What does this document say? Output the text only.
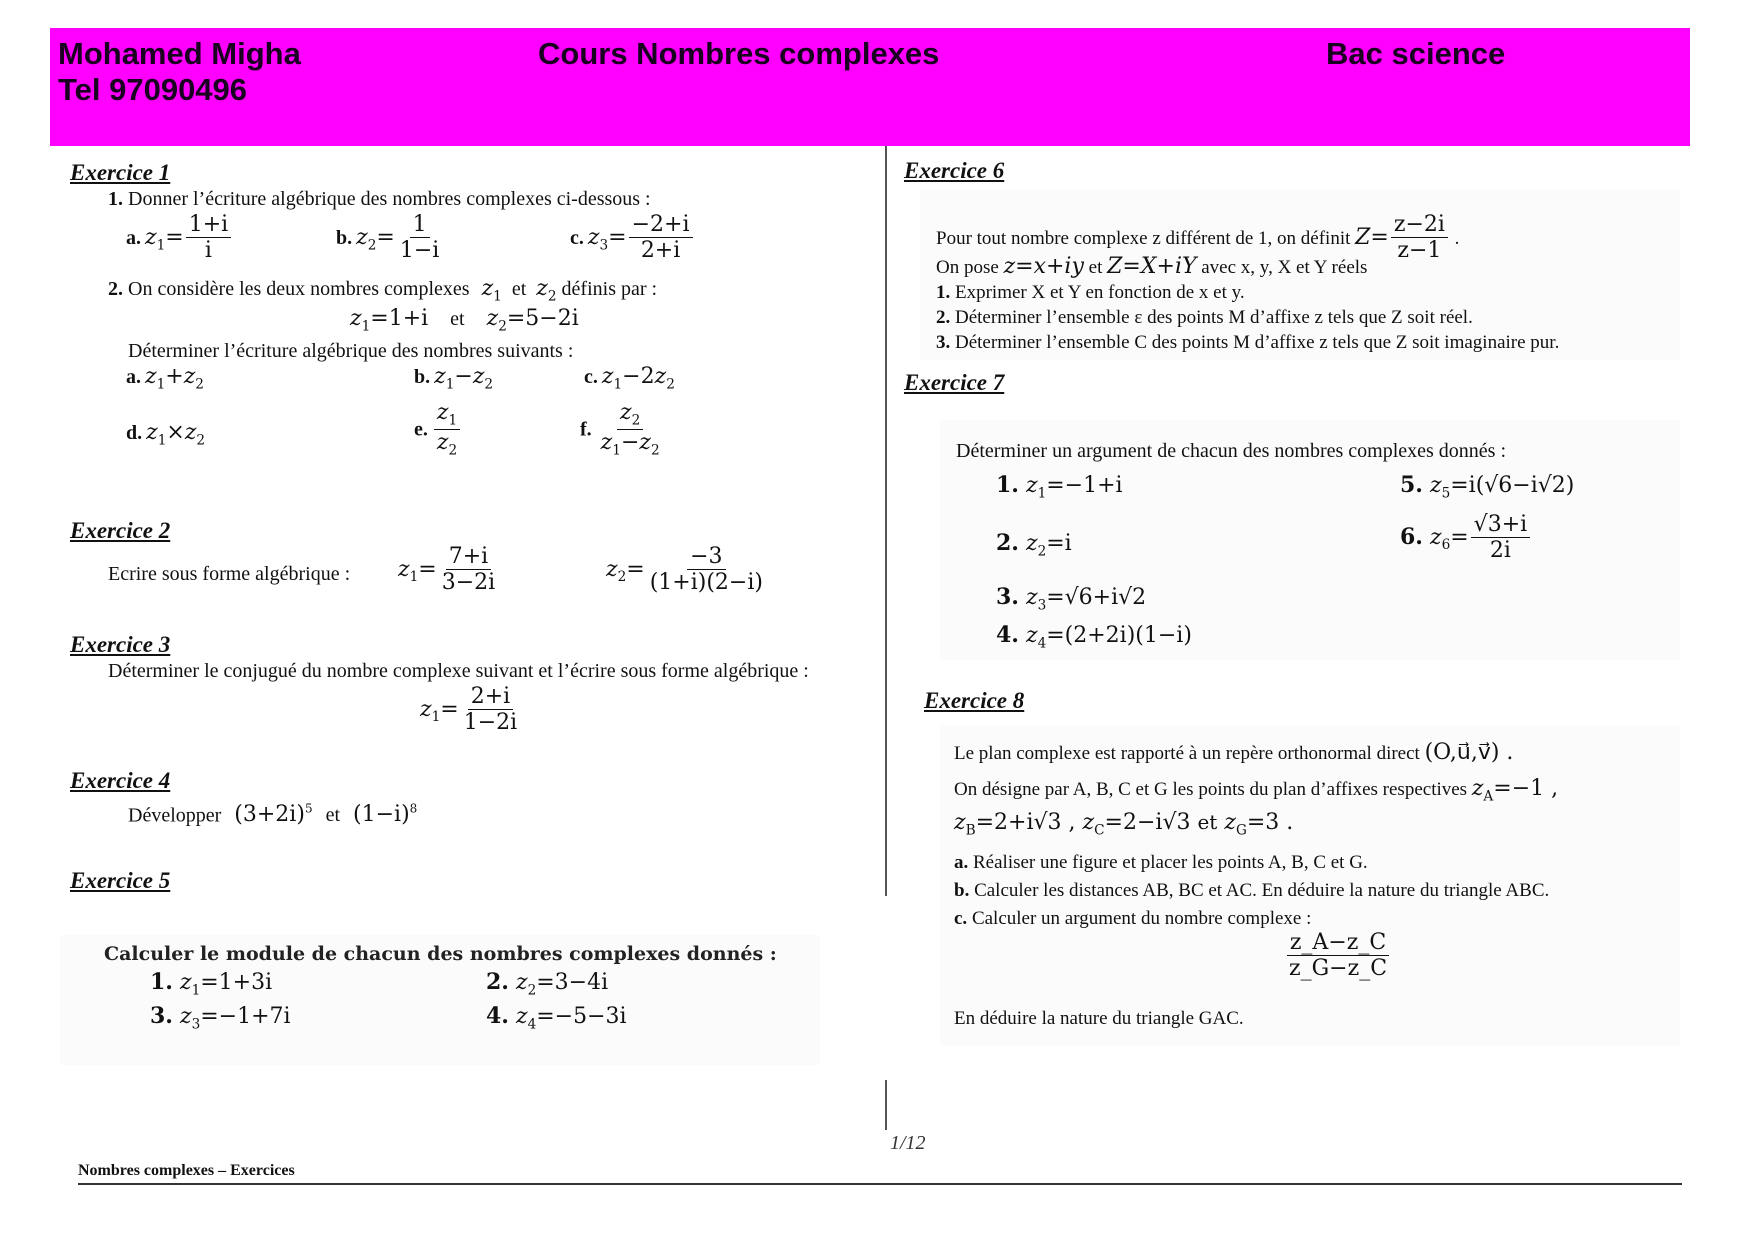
Mohamed Migha
Tel 97090496
Cours Nombres complexes	Bac science
Exercice 1
1. Donner l’écriture algébrique des nombres complexes ci-dessous :
a. $z_1= \frac{1+i}{i}$	b. $z_2= \frac{1}{1-i}$	c. $z_3= \frac{-2+i}{2+i}$
2. On considère les deux nombres complexes $z_1$ et $z_2$ définis par :
$z_1=1+i$ et $z_2=5-2i$
Déterminer l’écriture algébrique des nombres suivants :
a. $z_1+z_2$	b. $z_1-z_2$	c. $z_1-2z_2$
d. $z_1\times z_2$	e. $\frac{z_1}{z_2}$	f. $\frac{z_2}{z_1-z_2}$
Exercice 2
Ecrire sous forme algébrique : $z_1= \frac{7+i}{3-2i}$	$z_2= \frac{-3}{(1+i)(2-i)}$
Exercice 3
Déterminer le conjugué du nombre complexe suivant et l’écrire sous forme algébrique :
$z_1= \frac{2+i}{1-2i}$
Exercice 4
Développer $(3+2i)^5$ et $(1-i)^8$
Exercice 5
Calculer le module de chacun des nombres complexes donnés :
1. $z_1=1+3i$	2. $z_2=3-4i$
3. $z_3=-1+7i$	4. $z_4=-5-3i$
Exercice 6
Pour tout nombre complexe z différent de 1, on définit $Z= \frac{z-2i}{z-1}$ .
On pose z=x+iy et Z=X+iY avec x, y, X et Y réels
1. Exprimer X et Y en fonction de x et y.
2. Déterminer l’ensemble ε des points M d’affixe z tels que Z soit réel.
3. Déterminer l’ensemble C des points M d’affixe z tels que Z soit imaginaire pur.
Exercice 7
Déterminer un argument de chacun des nombres complexes donnés :
1. $z_1=-1+i$
2. $z_2=i$
3. $z_3=√6+i√2$
4. $z_4=(2+2i)(1-i)$
5. $z_5=i(√6-i√2)$
6. $z_6= \frac{√3+i}{2i}$
Exercice 8
Le plan complexe est rapporté à un repère orthonormal direct (O,u⃗,v⃗) .
On désigne par A, B, C et G les points du plan d’affixes respectives $z_A=-1$ ,
$z_B=2+i√3$ , $z_C=2-i√3$ et $z_G=3$ .
a. Réaliser une figure et placer les points A, B, C et G.
b. Calculer les distances AB, BC et AC. En déduire la nature du triangle ABC.
c. Calculer un argument du nombre complexe :
$\frac{z\_A-z\_C}{z\_G-z\_C}$
En déduire la nature du triangle GAC.
1/12
Nombres complexes – Exercices
